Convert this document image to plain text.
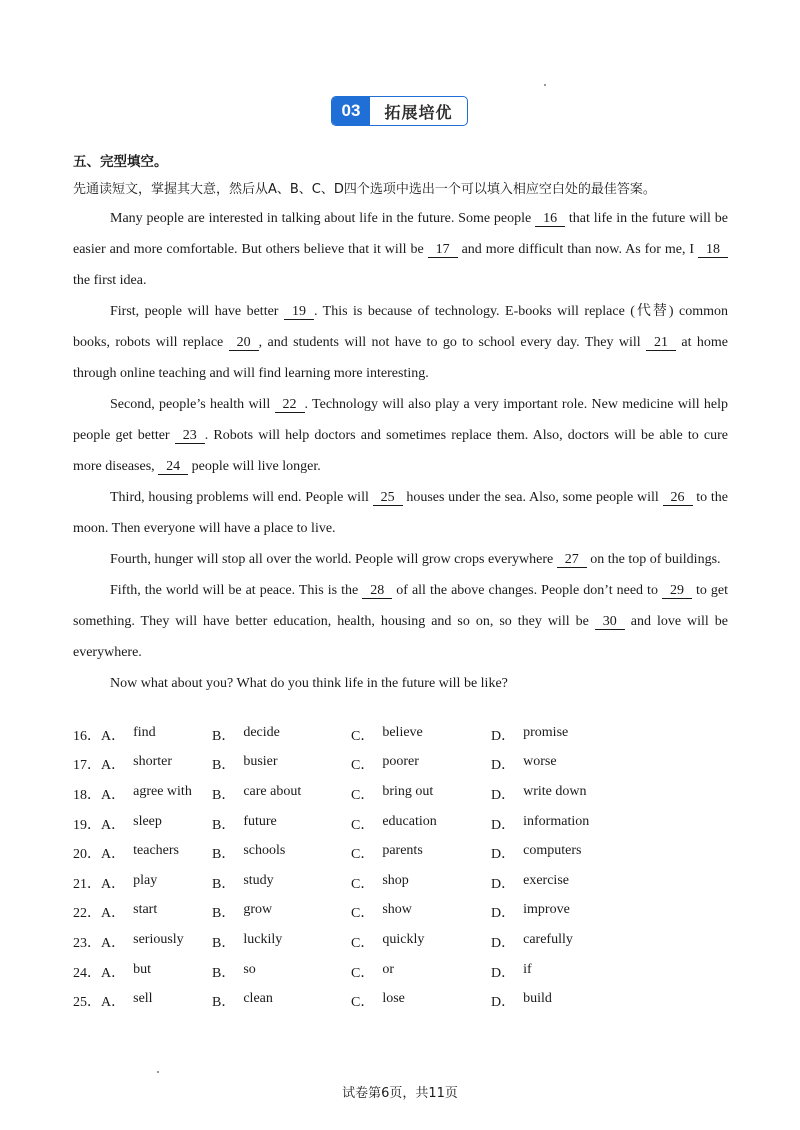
03	拓展培优
五、完型填空。
先通读短文，掌握其大意，然后从A、B、C、D四个选项中选出一个可以填入相应空白处的最佳答案。

Many people are interested in talking about life in the future. Some people 16 that life in the future will be easier and more comfortable. But others believe that it will be 17 and more difficult than now. As for me, I 18 the first idea.

First, people will have better 19 . This is because of technology. E-books will replace (代替) common books, robots will replace 20 , and students will not have to go to school every day. They will 21 at home through online teaching and will find learning more interesting.

Second, people’s health will 22 . Technology will also play a very important role. New medicine will help people get better 23 . Robots will help doctors and sometimes replace them. Also, doctors will be able to cure more diseases, 24 people will live longer.

Third, housing problems will end. People will 25 houses under the sea. Also, some people will 26 to the moon. Then everyone will have a place to live.

Fourth, hunger will stop all over the world. People will grow crops everywhere 27 on the top of buildings.

Fifth, the world will be at peace. This is the 28 of all the above changes. People don’t need to 29 to get something. They will have better education, health, housing and so on, so they will be 30 and love will be everywhere.

Now what about you? What do you think life in the future will be like?

16． A． find	B． decide	C． believe	D． promise
17． A． shorter	B． busier	C． poorer	D． worse
18． A． agree with B． care about	C． bring out	D． write down
19． A． sleep	B． future	C． education	D． information
20． A． teachers B． schools	C． parents	D． computers
21． A． play	B． study	C． shop	D． exercise
22． A． start	B． grow	C． show	D． improve
23． A． seriously B． luckily	C． quickly	D． carefully
24． A． but	B． so	C． or	D． if
25． A． sell	B． clean	C． lose	D． build
试卷第6页，共11页
